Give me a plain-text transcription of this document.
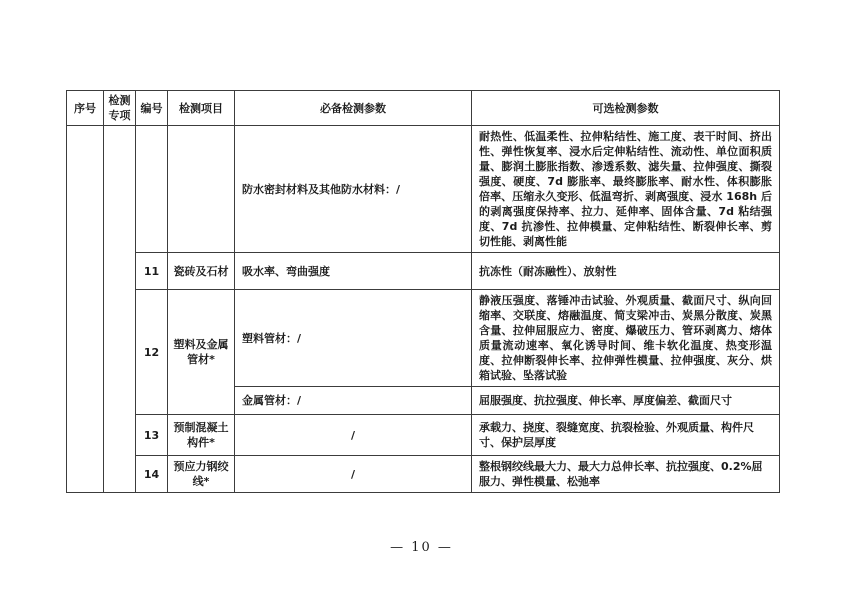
序号	检测专项	编号	检测项目	必备检测参数	可选检测参数
				防水密封材料及其他防水材料：/	耐热性、低温柔性、拉伸粘结性、施工度、表干时间、挤出性、弹性恢复率、浸水后定伸粘结性、流动性、单位面积质量、膨润土膨胀指数、渗透系数、滤失量、拉伸强度、撕裂强度、硬度、7d 膨胀率、最终膨胀率、耐水性、体积膨胀倍率、压缩永久变形、低温弯折、剥离强度、浸水 168h 后的剥离强度保持率、拉力、延伸率、固体含量、7d 粘结强度、7d 抗渗性、拉伸模量、定伸粘结性、断裂伸长率、剪切性能、剥离性能
		11	瓷砖及石材	吸水率、弯曲强度	抗冻性（耐冻融性）、放射性
		12	塑料及金属管材*	塑料管材：/	静液压强度、落锤冲击试验、外观质量、截面尺寸、纵向回缩率、交联度、熔融温度、简支梁冲击、炭黑分散度、炭黑含量、拉伸屈服应力、密度、爆破压力、管环剥离力、熔体质量流动速率、氧化诱导时间、维卡软化温度、热变形温度、拉伸断裂伸长率、拉伸弹性模量、拉伸强度、灰分、烘箱试验、坠落试验
				金属管材：/	屈服强度、抗拉强度、伸长率、厚度偏差、截面尺寸
		13	预制混凝土构件*	/	承载力、挠度、裂缝宽度、抗裂检验、外观质量、构件尺寸、保护层厚度
		14	预应力钢绞线*	/	整根钢绞线最大力、最大力总伸长率、抗拉强度、0.2%屈服力、弹性模量、松弛率
— 10 —
